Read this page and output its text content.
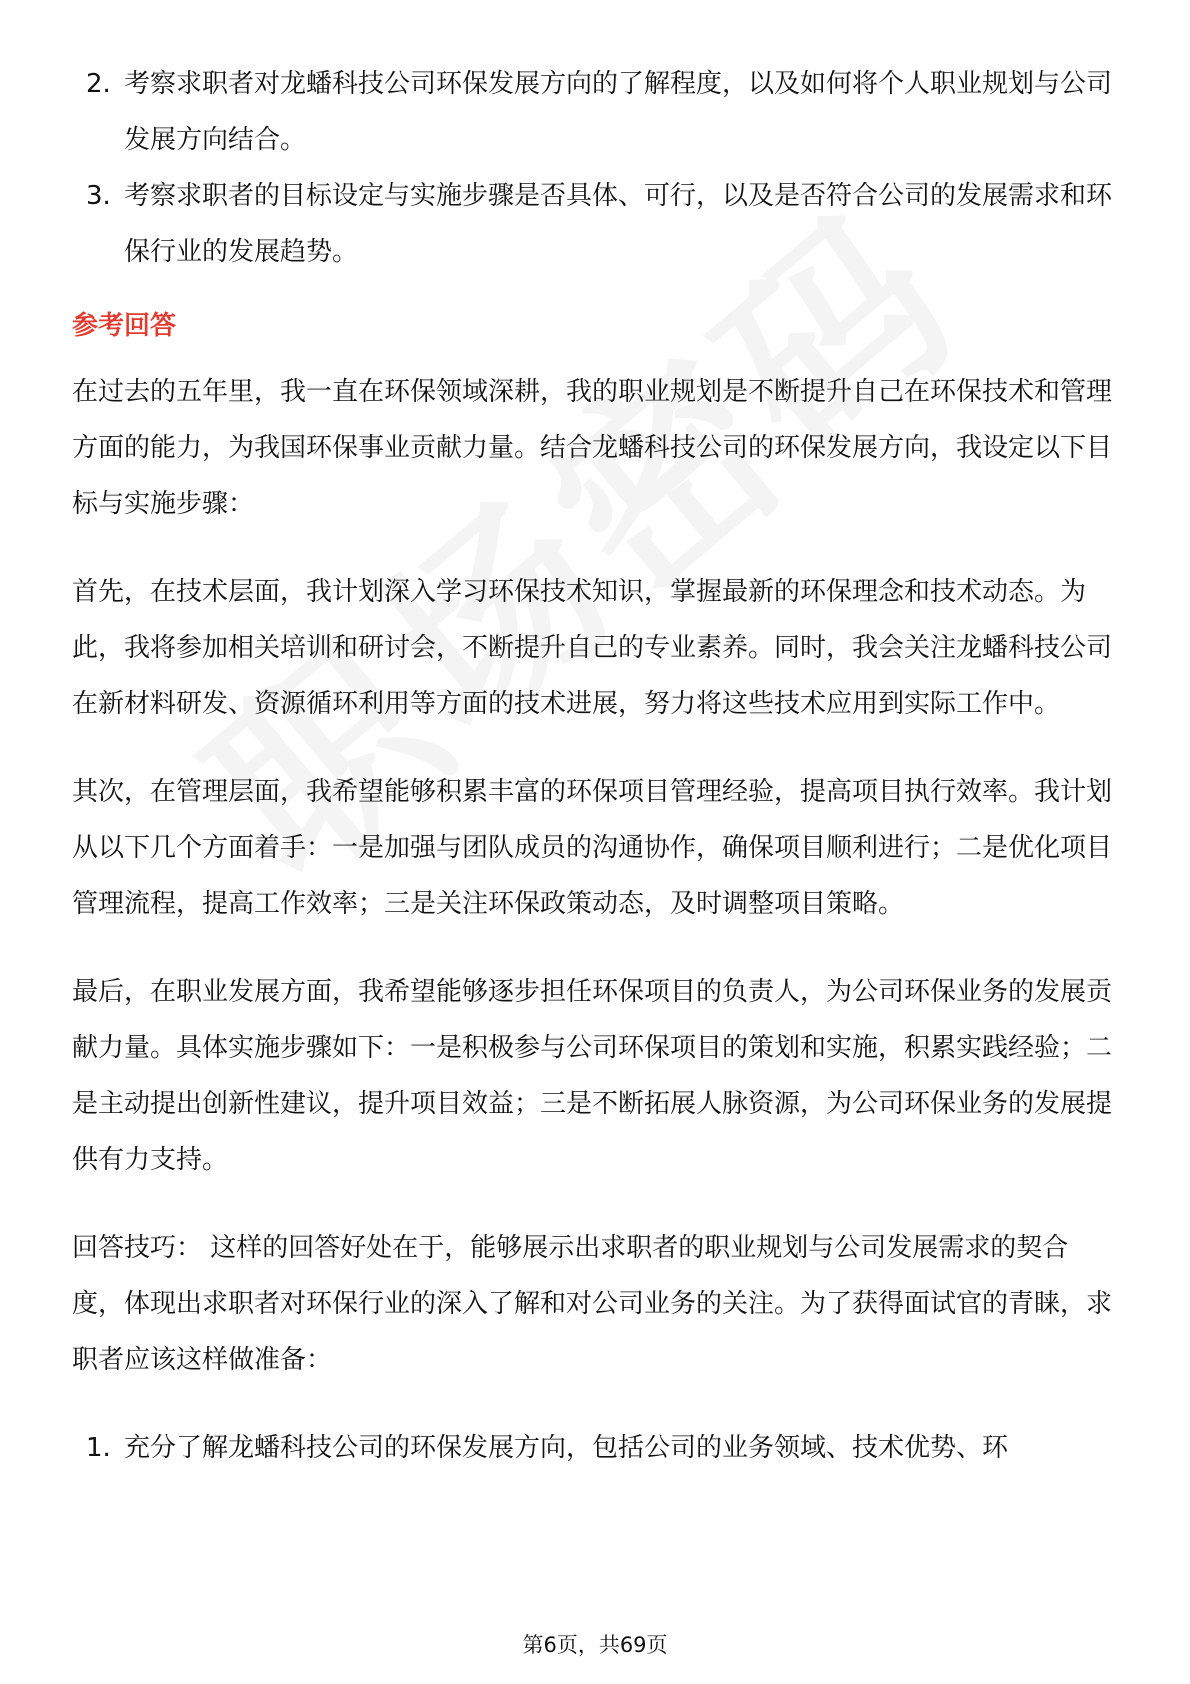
2. 考察求职者对龙蟠科技公司环保发展方向的了解程度，以及如何将个人职业规划与公司发展方向结合。
3. 考察求职者的目标设定与实施步骤是否具体、可行，以及是否符合公司的发展需求和环保行业的发展趋势。
参考回答

在过去的五年里，我一直在环保领域深耕，我的职业规划是不断提升自己在环保技术和管理方面的能力，为我国环保事业贡献力量。结合龙蟠科技公司的环保发展方向，我设定以下目标与实施步骤：

首先，在技术层面，我计划深入学习环保技术知识，掌握最新的环保理念和技术动态。为此，我将参加相关培训和研讨会，不断提升自己的专业素养。同时，我会关注龙蟠科技公司在新材料研发、资源循环利用等方面的技术进展，努力将这些技术应用到实际工作中。

其次，在管理层面，我希望能够积累丰富的环保项目管理经验，提高项目执行效率。我计划从以下几个方面着手：一是加强与团队成员的沟通协作，确保项目顺利进行；二是优化项目管理流程，提高工作效率；三是关注环保政策动态，及时调整项目策略。

最后，在职业发展方面，我希望能够逐步担任环保项目的负责人，为公司环保业务的发展贡献力量。具体实施步骤如下：一是积极参与公司环保项目的策划和实施，积累实践经验；二是主动提出创新性建议，提升项目效益；三是不断拓展人脉资源，为公司环保业务的发展提供有力支持。

回答技巧： 这样的回答好处在于，能够展示出求职者的职业规划与公司发展需求的契合度，体现出求职者对环保行业的深入了解和对公司业务的关注。为了获得面试官的青睐，求职者应该这样做准备：

1. 充分了解龙蟠科技公司的环保发展方向，包括公司的业务领域、技术优势、环
第6页，共69页
